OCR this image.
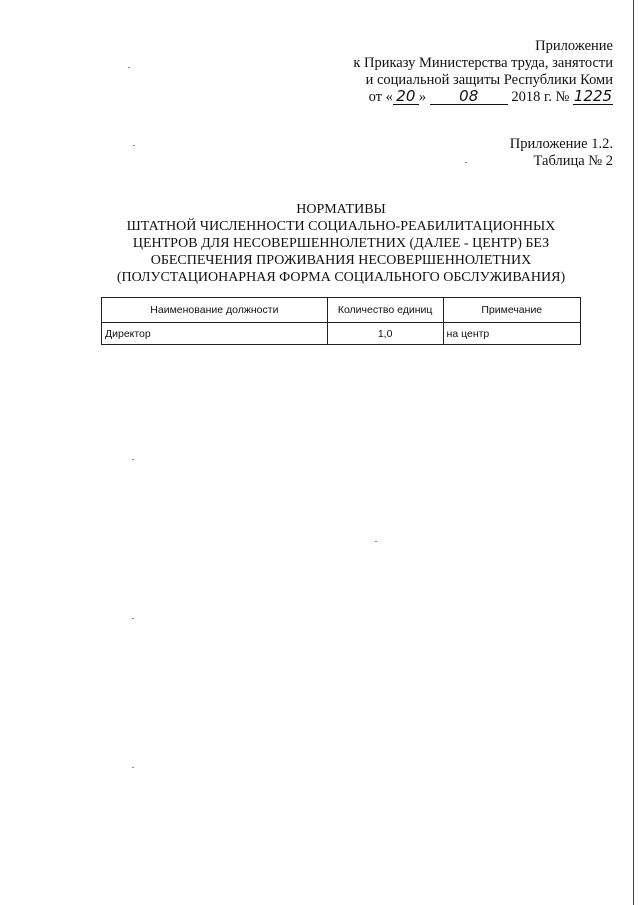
Приложение
к Приказу Министерства труда, занятости
и социальной защиты Республики Коми
от « 20 » 08 2018 г. № 1225
Приложение 1.2.
Таблица № 2
НОРМАТИВЫ
ШТАТНОЙ ЧИСЛЕННОСТИ СОЦИАЛЬНО-РЕАБИЛИТАЦИОННЫХ
ЦЕНТРОВ ДЛЯ НЕСОВЕРШЕННОЛЕТНИХ (ДАЛЕЕ - ЦЕНТР) БЕЗ
ОБЕСПЕЧЕНИЯ ПРОЖИВАНИЯ НЕСОВЕРШЕННОЛЕТНИХ
(ПОЛУСТАЦИОНАРНАЯ ФОРМА СОЦИАЛЬНОГО ОБСЛУЖИВАНИЯ)
Наименование должности	Количество единиц	Примечание
Директор	1,0	на центр
